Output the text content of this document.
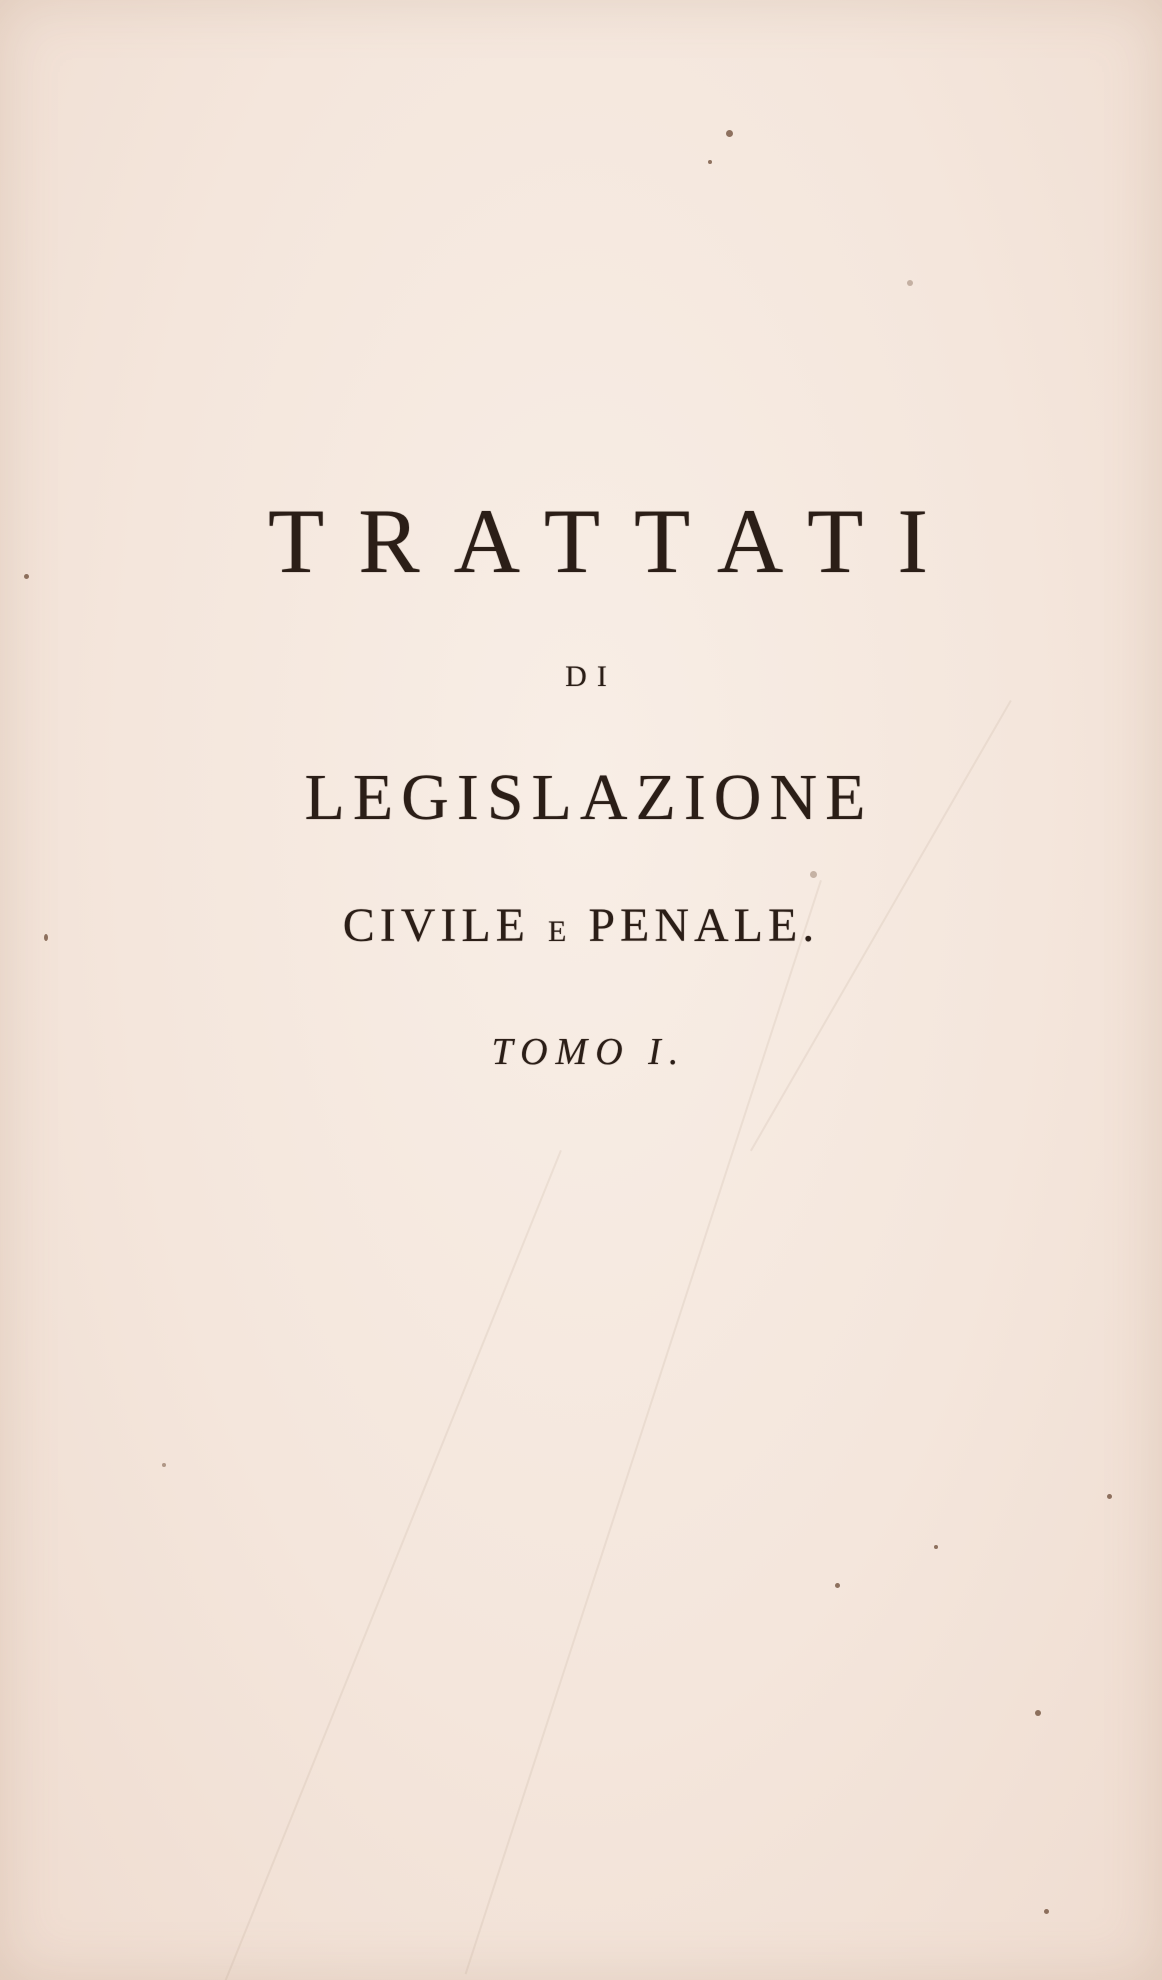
TRATTATI
DI
LEGISLAZIONE
CIVILE E PENALE.
TOMO I.
